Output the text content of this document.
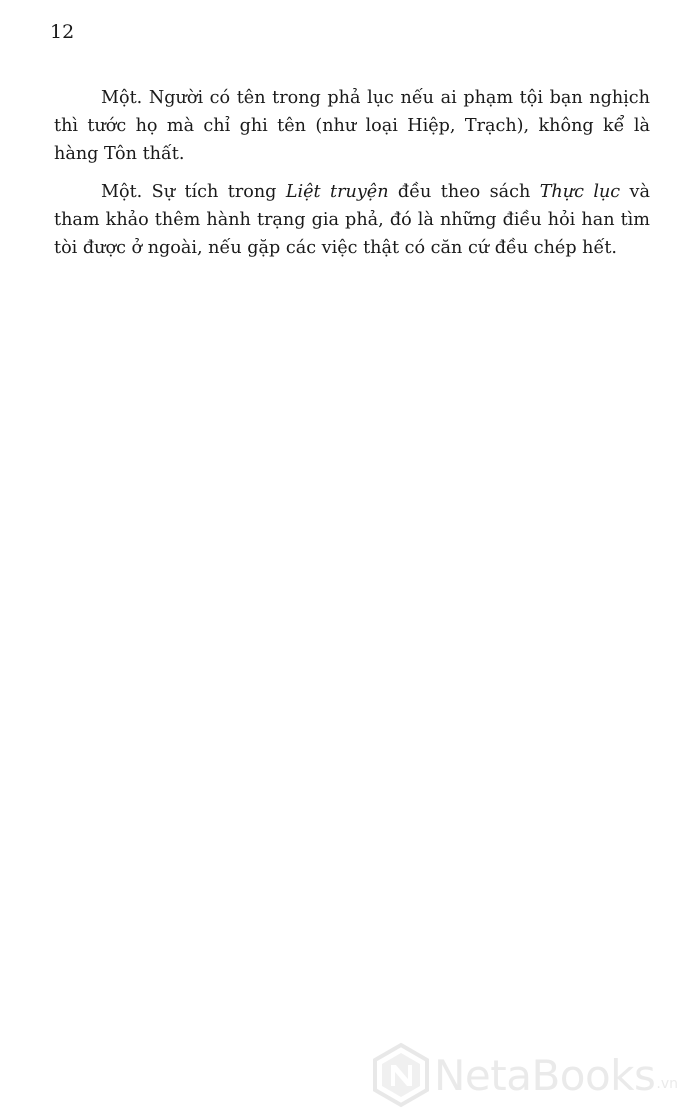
12

Một. Người có tên trong phả lục nếu ai phạm tội bạn nghịch thì tước họ mà chỉ ghi tên (như loại Hiệp, Trạch), không kể là hàng Tôn thất.

Một. Sự tích trong Liệt truyện đều theo sách Thực lục và tham khảo thêm hành trạng gia phả, đó là những điều hỏi han tìm tòi được ở ngoài, nếu gặp các việc thật có căn cứ đều chép hết.

NetaBooks .vn
